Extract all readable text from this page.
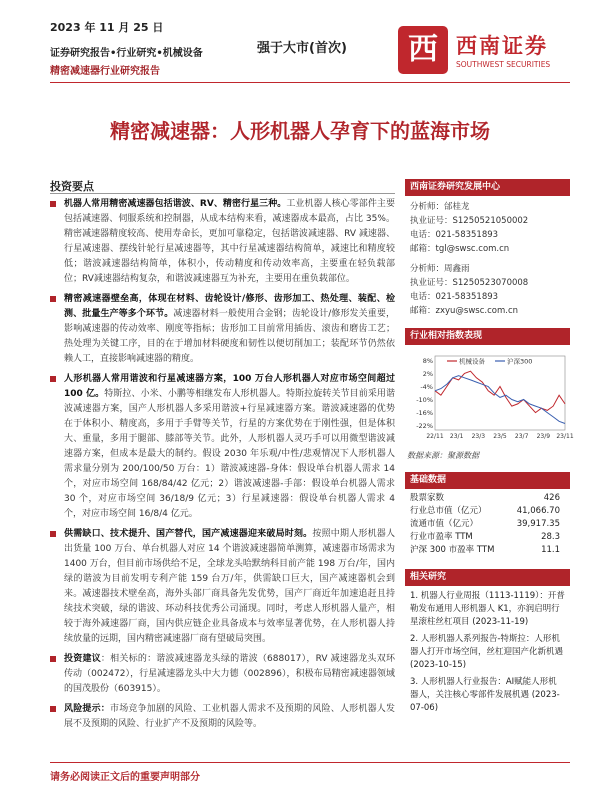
2023 年 11 月 25 日
证券研究报告•行业研究•机械设备
精密减速器行业研究报告
强于大市(首次)	西 西南证券
SOUTHWEST SECURITIES
精密减速器：人形机器人孕育下的蓝海市场
投资要点
机器人常用精密减速器包括谐波、RV、精密行星三种。工业机器人核心零部件主要包括减速器、伺服系统和控制器，从成本结构来看，减速器成本最高，占比 35%。精密减速器精度较高、使用寿命长，更加可靠稳定，包括谐波减速器、RV 减速器、行星减速器、摆线针轮行星减速器等，其中行星减速器结构简单，减速比和精度较低；谐波减速器结构简单，体积小，传动精度和传动效率高，主要重在轻负载部位；RV减速器结构复杂，和谐波减速器互为补充，主要用在重负载部位。
精密减速器壁垒高，体现在材料、齿轮设计/修形、齿形加工、热处理、装配、检测、批量生产等多个环节。减速器材料一般使用合金钢；齿轮设计/修形发关重要，影响减速器的传动效率、刚度等指标；齿形加工目前常用插齿、滚齿和磨齿工艺；热处理为关键工序，目的在于增加材料硬度和韧性以便切削加工；装配环节仍然依赖人工，直接影响减速器的精度。
人形机器人常用谐波和行星减速器方案，100 万台人形机器人对应市场空间超过 100 亿。特斯拉、小米、小鹏等相继发布人形机器人。特斯拉旋转关节目前采用谐波减速器方案，国产人形机器人多采用谐波+行星减速器方案。谐波减速器的优势在于体积小、精度高，多用于手臂等关节，行星的方案优势在于刚性强，但是体积大、重量，多用于腿部、膝部等关节。此外，人形机器人灵巧手可以用微型谐波减速器方案，但成本是最大的制约。假设 2030 年乐观/中性/悲观情况下人形机器人需求量分别为 200/100/50 万台：1）谐波减速器-身体：假设单台机器人需求 14 个，对应市场空间 168/84/42 亿元；2）谐波减速器-手部：假设单台机器人需求 30 个，对应市场空间 36/18/9 亿元；3）行星减速器：假设单台机器人需求 4 个，对应市场空间 16/8/4 亿元。
供需缺口、技术提升、国产替代，国产减速器迎来破局时刻。按照中期人形机器人出货量 100 万台、单台机器人对应 14 个谐波减速器简单测算，减速器市场需求为 1400 万台，但目前市场供给不足，全球龙头哈默纳科目前产能 198 万台/年，国内绿的谐波为目前发明专利产能 159 台万/年，供需缺口巨大，国产减速器机会到来。减速器技术壁垒高，海外头部厂商具备先发优势，国产厂商近年加速追赶且持续技术突破，绿的谐波、环动科技优秀公司涌现。同时，考虑人形机器人量产，相较于海外减速器厂商，国内供应链企业具备成本与效率显著优势，在人形机器人持续放量的远期，国内精密减速器厂商有望破局突围。
投资建议：相关标的：谐波减速器龙头绿的谐波（688017），RV 减速器龙头双环传动（002472），行星减速器龙头中大力德（002896），积极布局精密减速器领域的国茂股份（603915）。
风险提示：市场竞争加剧的风险、工业机器人需求不及预期的风险、人形机器人发展不及预期的风险、行业扩产不及预期的风险等。
西南证券研究发展中心
分析师：邰桂龙
执业证号：S1250521050002
电话：021-58351893
邮箱：tgl@swsc.com.cn
分析师：周鑫雨
执业证号：S1250523070008
电话：021-58351893
邮箱：zxyu@swsc.com.cn
行业相对指数表现
8%
2%
-4%
-10%
-16%
-22%
22/11 23/1 23/3 23/5 23/7 23/9 23/11
机械设备	沪深300
数据来源：聚源数据
基础数据
股票家数	426
行业总市值（亿元）	41,066.70
流通市值（亿元）	39,917.35
行业市盈率 TTM	28.3
沪深 300 市盈率 TTM	11.1
相关研究
1. 机器人行业周报（1113-1119）：开普勒发布通用人形机器人 K1，亦润启明行星滚柱丝杠项目 (2023-11-19)
2. 人形机器人系列报告-特斯拉：人形机器人打开市场空间，丝杠迎国产化新机遇 (2023-10-15)
3. 人形机器人行业报告：AI赋能人形机器人，关注核心零部件发展机遇 (2023-07-06)
请务必阅读正文后的重要声明部分
